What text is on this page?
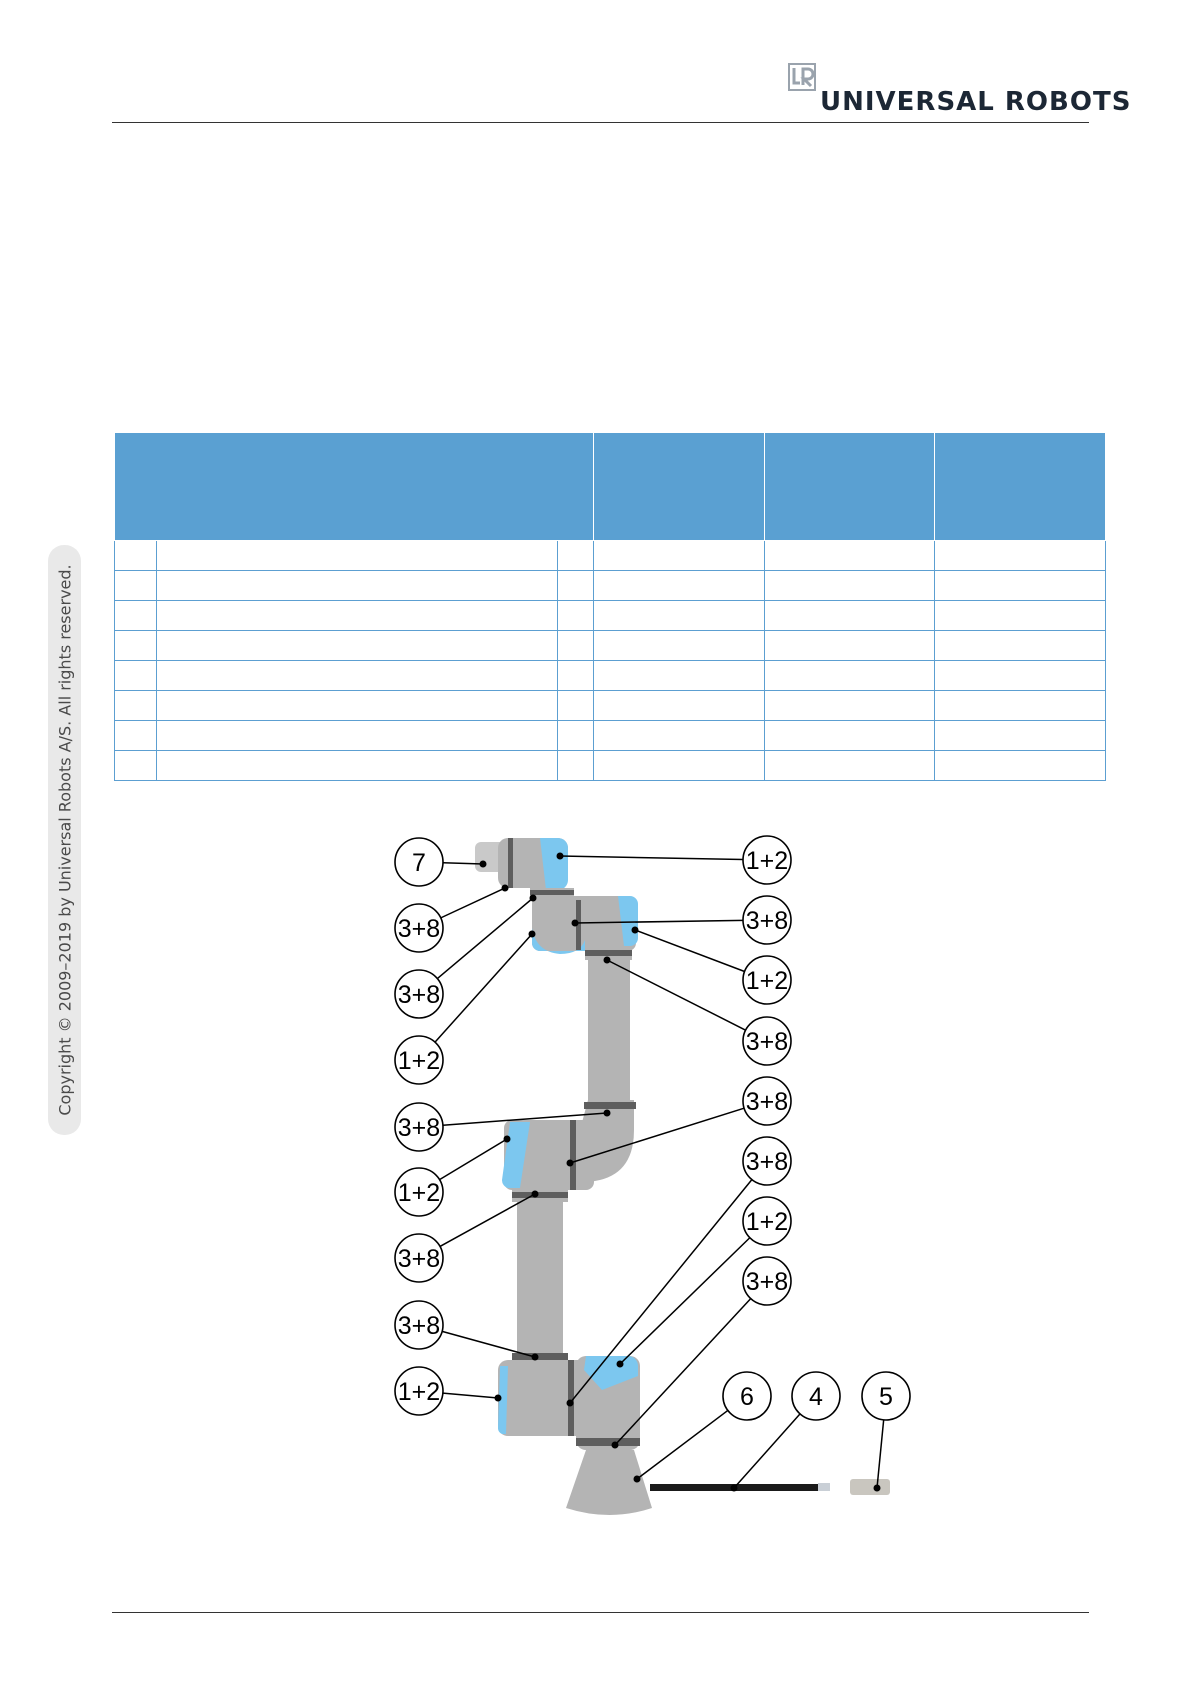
UNIVERSAL ROBOTS
Copyright © 2009–2019 by Universal Robots A/S. All rights reserved.

						7
3+8
3+8
1+2
3+8
1+2
3+8
3+8
1+2
1+2
3+8
1+2
3+8
3+8
3+8
1+2
3+8
6 4 5
